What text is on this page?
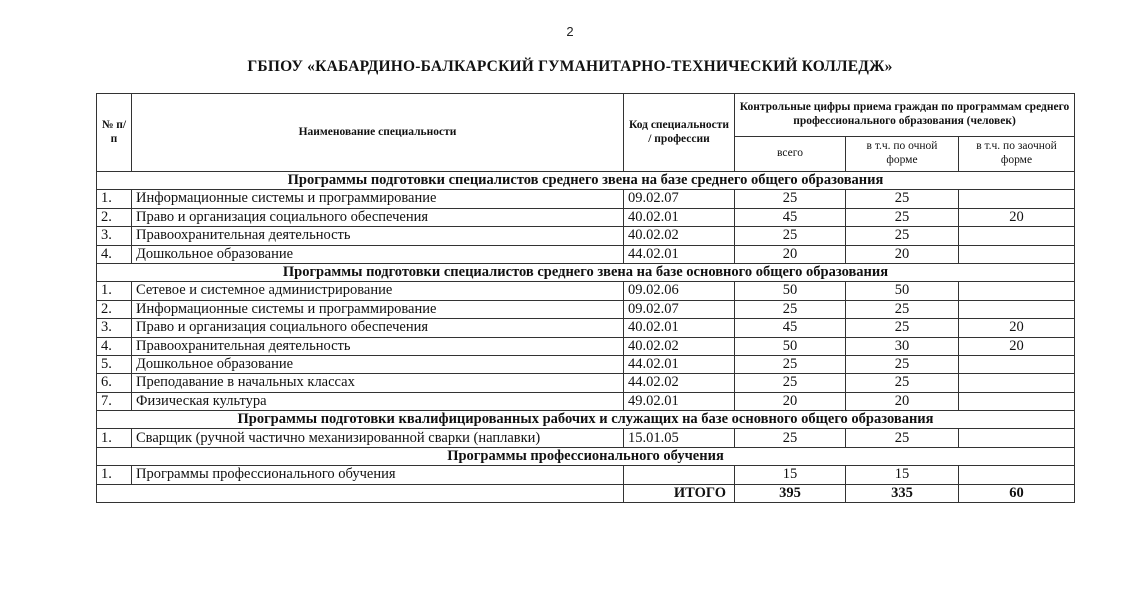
2
ГБПОУ «КАБАРДИНО-БАЛКАРСКИЙ ГУМАНИТАРНО-ТЕХНИЧЕСКИЙ КОЛЛЕДЖ»
№ п/п	Наименование специальности	Код специальности / профессии	Контрольные цифры приема граждан по программам среднего профессионального образования (человек)		
			всего	в т.ч. по очной форме	в т.ч. по заочной форме
Программы подготовки специалистов среднего звена на базе среднего общего образования					
1.	Информационные системы и программирование	09.02.07	25	25	
2.	Право и организация социального обеспечения	40.02.01	45	25	20
3.	Правоохранительная деятельность	40.02.02	25	25	
4.	Дошкольное образование	44.02.01	20	20	
Программы подготовки специалистов среднего звена на базе основного общего образования					
1.	Сетевое и системное администрирование	09.02.06	50	50	
2.	Информационные системы и программирование	09.02.07	25	25	
3.	Право и организация социального обеспечения	40.02.01	45	25	20
4.	Правоохранительная деятельность	40.02.02	50	30	20
5.	Дошкольное образование	44.02.01	25	25	
6.	Преподавание в начальных классах	44.02.02	25	25	
7.	Физическая культура	49.02.01	20	20	
Программы подготовки квалифицированных рабочих и служащих на базе основного общего образования					
1.	Сварщик (ручной частично механизированной сварки (наплавки)	15.01.05	25	25	
Программы профессионального обучения					
1.	Программы профессионального обучения		15	15	
		ИТОГО	395	335	60
